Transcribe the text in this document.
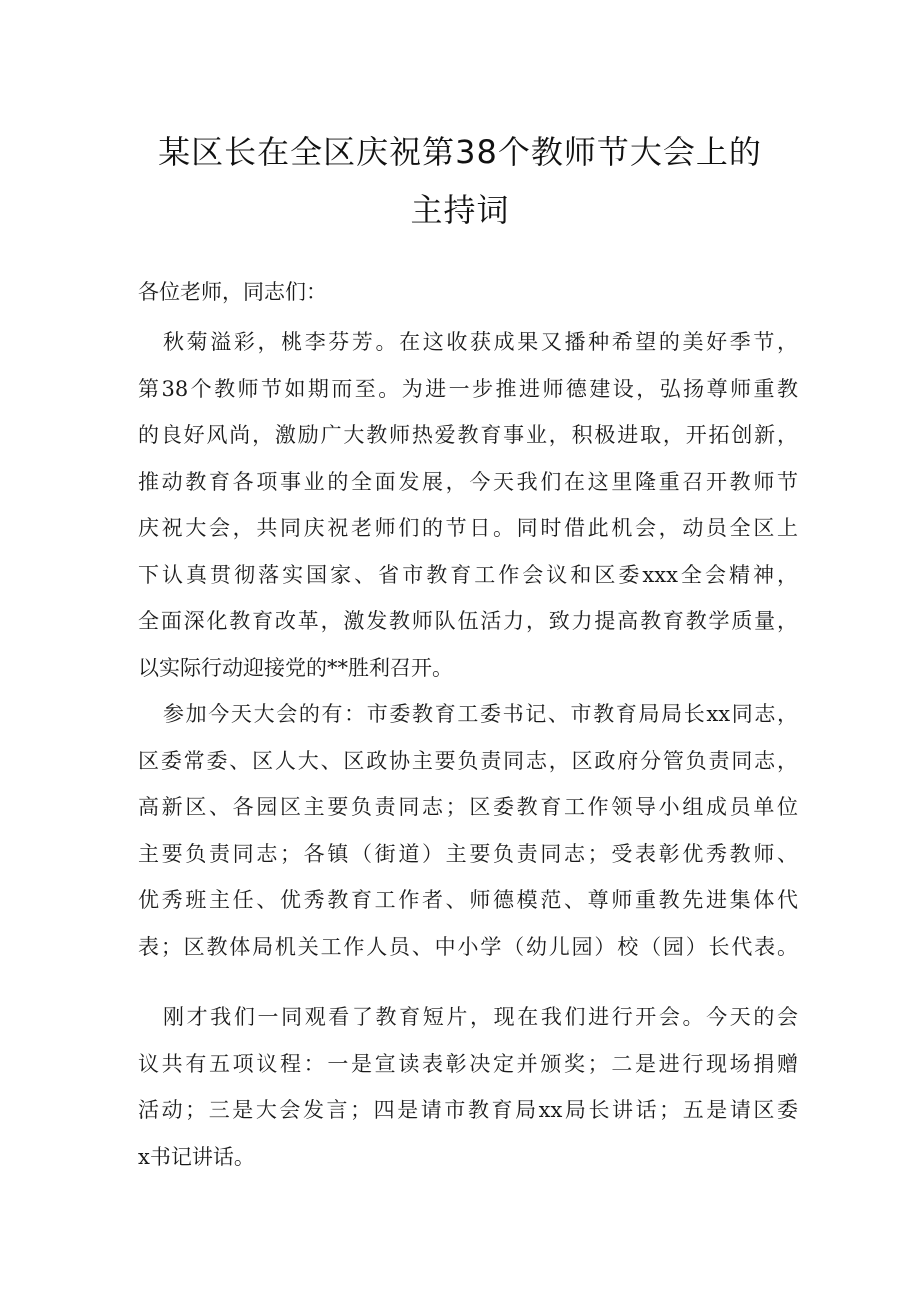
某区长在全区庆祝第38个教师节大会上的
主持词
各位老师，同志们：
秋菊溢彩，桃李芬芳。在这收获成果又播种希望的美好季节，
第38个教师节如期而至。为进一步推进师德建设，弘扬尊师重教
的良好风尚，激励广大教师热爱教育事业，积极进取，开拓创新，
推动教育各项事业的全面发展，今天我们在这里隆重召开教师节
庆祝大会，共同庆祝老师们的节日。同时借此机会，动员全区上
下认真贯彻落实国家、省市教育工作会议和区委xxx全会精神，
全面深化教育改革，激发教师队伍活力，致力提高教育教学质量，
以实际行动迎接党的**胜利召开。
参加今天大会的有：市委教育工委书记、市教育局局长xx同志，
区委常委、区人大、区政协主要负责同志，区政府分管负责同志，
高新区、各园区主要负责同志；区委教育工作领导小组成员单位
主要负责同志；各镇（街道）主要负责同志；受表彰优秀教师、
优秀班主任、优秀教育工作者、师德模范、尊师重教先进集体代
表；区教体局机关工作人员、中小学（幼儿园）校（园）长代表。
刚才我们一同观看了教育短片，现在我们进行开会。今天的会
议共有五项议程：一是宣读表彰决定并颁奖；二是进行现场捐赠
活动；三是大会发言；四是请市教育局xx局长讲话；五是请区委
x书记讲话。
